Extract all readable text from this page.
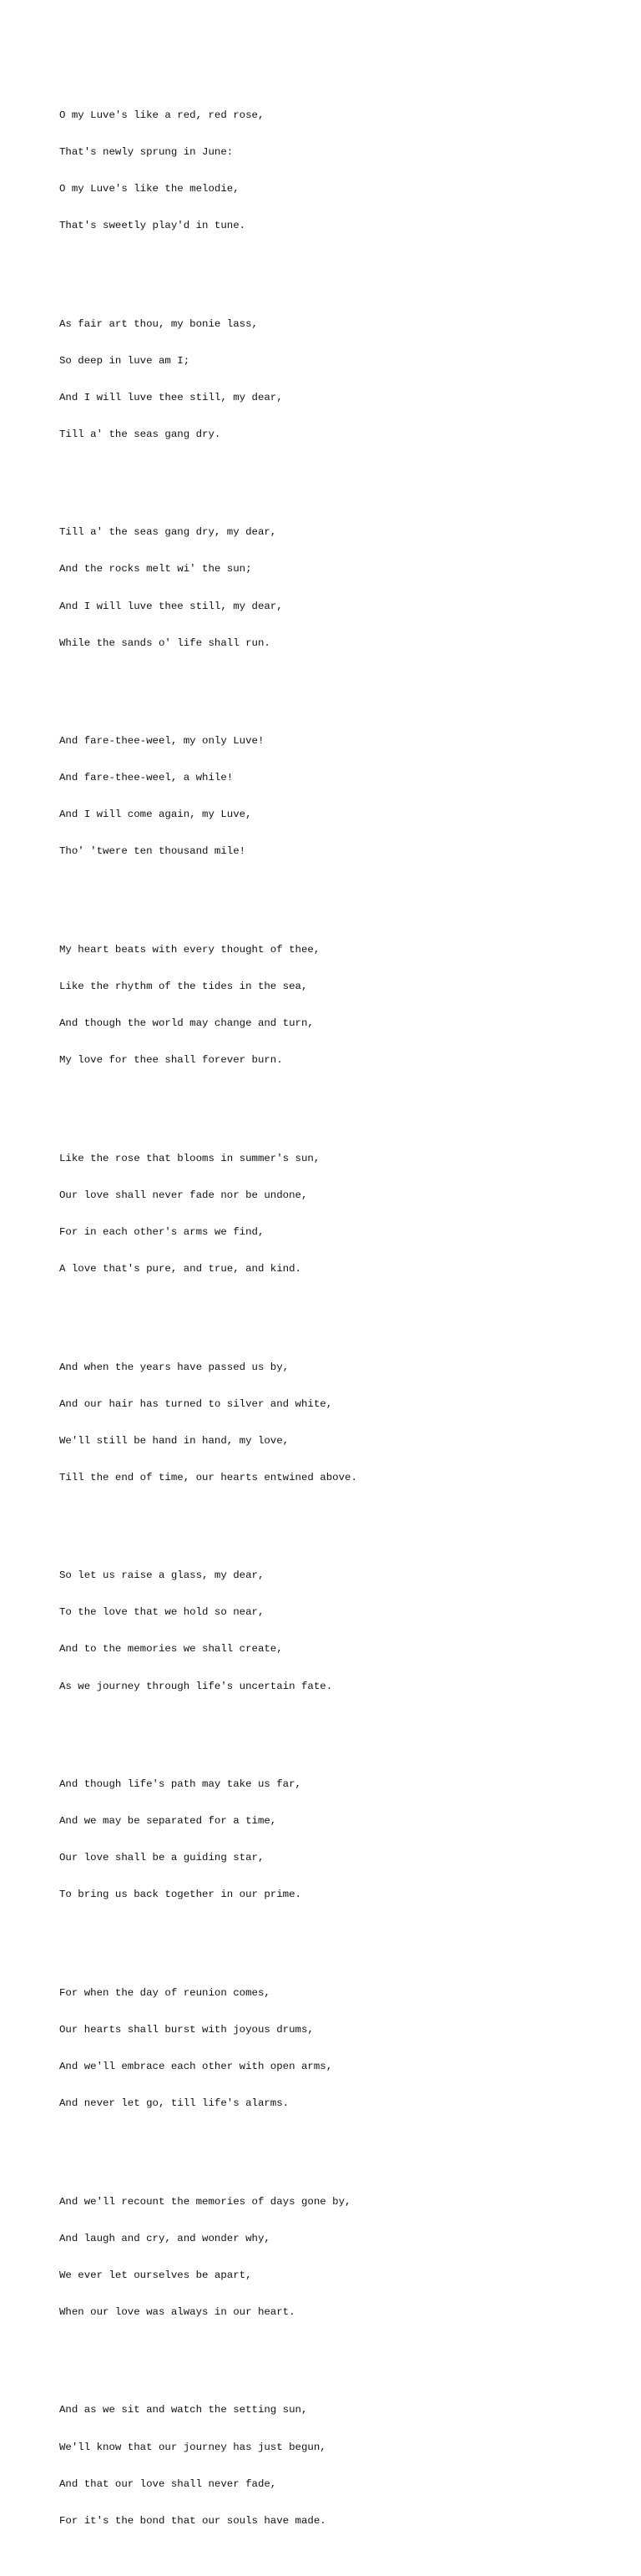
O my Luve's like a red, red rose,

That's newly sprung in June:

O my Luve's like the melodie,

That's sweetly play'd in tune.

As fair art thou, my bonie lass,

So deep in luve am I;

And I will luve thee still, my dear,

Till a' the seas gang dry.

Till a' the seas gang dry, my dear,

And the rocks melt wi' the sun;

And I will luve thee still, my dear,

While the sands o' life shall run.

And fare-thee-weel, my only Luve!

And fare-thee-weel, a while!

And I will come again, my Luve,

Tho' 'twere ten thousand mile!

My heart beats with every thought of thee,

Like the rhythm of the tides in the sea,

And though the world may change and turn,

My love for thee shall forever burn.

Like the rose that blooms in summer's sun,

Our love shall never fade nor be undone,

For in each other's arms we find,

A love that's pure, and true, and kind.

And when the years have passed us by,

And our hair has turned to silver and white,

We'll still be hand in hand, my love,

Till the end of time, our hearts entwined above.

So let us raise a glass, my dear,

To the love that we hold so near,

And to the memories we shall create,

As we journey through life's uncertain fate.

And though life's path may take us far,

And we may be separated for a time,

Our love shall be a guiding star,

To bring us back together in our prime.

For when the day of reunion comes,

Our hearts shall burst with joyous drums,

And we'll embrace each other with open arms,

And never let go, till life's alarms.

And we'll recount the memories of days gone by,

And laugh and cry, and wonder why,

We ever let ourselves be apart,

When our love was always in our heart.

And as we sit and watch the setting sun,

We'll know that our journey has just begun,

And that our love shall never fade,

For it's the bond that our souls have made.
